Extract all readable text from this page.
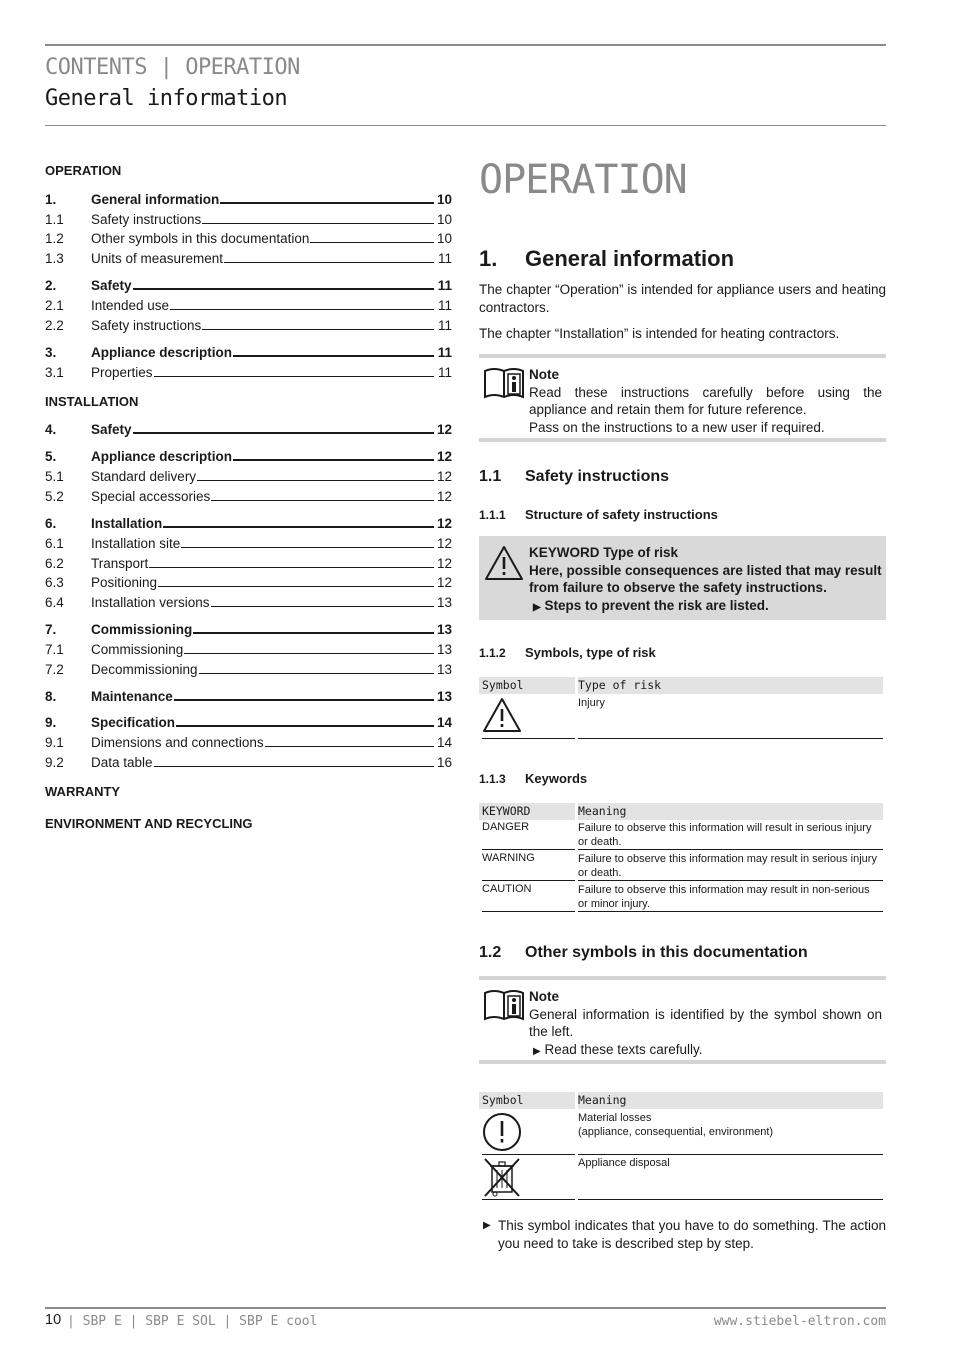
CONTENTS | OPERATION
General information
OPERATION
1.	General information	10
1.1	Safety instructions	10
1.2	Other symbols in this documentation	10
1.3	Units of measurement	11
2.	Safety	11
2.1	Intended use	11
2.2	Safety instructions	11
3.	Appliance description	11
3.1	Properties	11
INSTALLATION
4.	Safety	12
5.	Appliance description	12
5.1	Standard delivery	12
5.2	Special accessories	12
6.	Installation	12
6.1	Installation site	12
6.2	Transport	12
6.3	Positioning	12
6.4	Installation versions	13
7.	Commissioning	13
7.1	Commissioning	13
7.2	Decommissioning	13
8.	Maintenance	13
9.	Specification	14
9.1	Dimensions and connections	14
9.2	Data table	16
WARRANTY
ENVIRONMENT AND RECYCLING
OPERATION
1. General information
The chapter “Operation” is intended for appliance users and heating contractors.
The chapter “Installation” is intended for heating contractors.
Note
Read these instructions carefully before using the appliance and retain them for future reference.
Pass on the instructions to a new user if required.
1.1 Safety instructions
1.1.1 Structure of safety instructions
KEYWORD Type of risk
Here, possible consequences are listed that may result from failure to observe the safety instructions.
▶ Steps to prevent the risk are listed.
1.1.2 Symbols, type of risk
Symbol	Type of risk
Injury
1.1.3 Keywords
KEYWORD	Meaning
DANGER	Failure to observe this information will result in serious injury or death.
WARNING	Failure to observe this information may result in serious injury or death.
CAUTION	Failure to observe this information may result in non-serious or minor injury.
1.2 Other symbols in this documentation
Note
General information is identified by the symbol shown on the left.
▶ Read these texts carefully.
Symbol	Meaning
Material losses
(appliance, consequential, environment)
Appliance disposal
▶ This symbol indicates that you have to do something. The action you need to take is described step by step.
10 | SBP E | SBP E SOL | SBP E cool	www.stiebel-eltron.com
